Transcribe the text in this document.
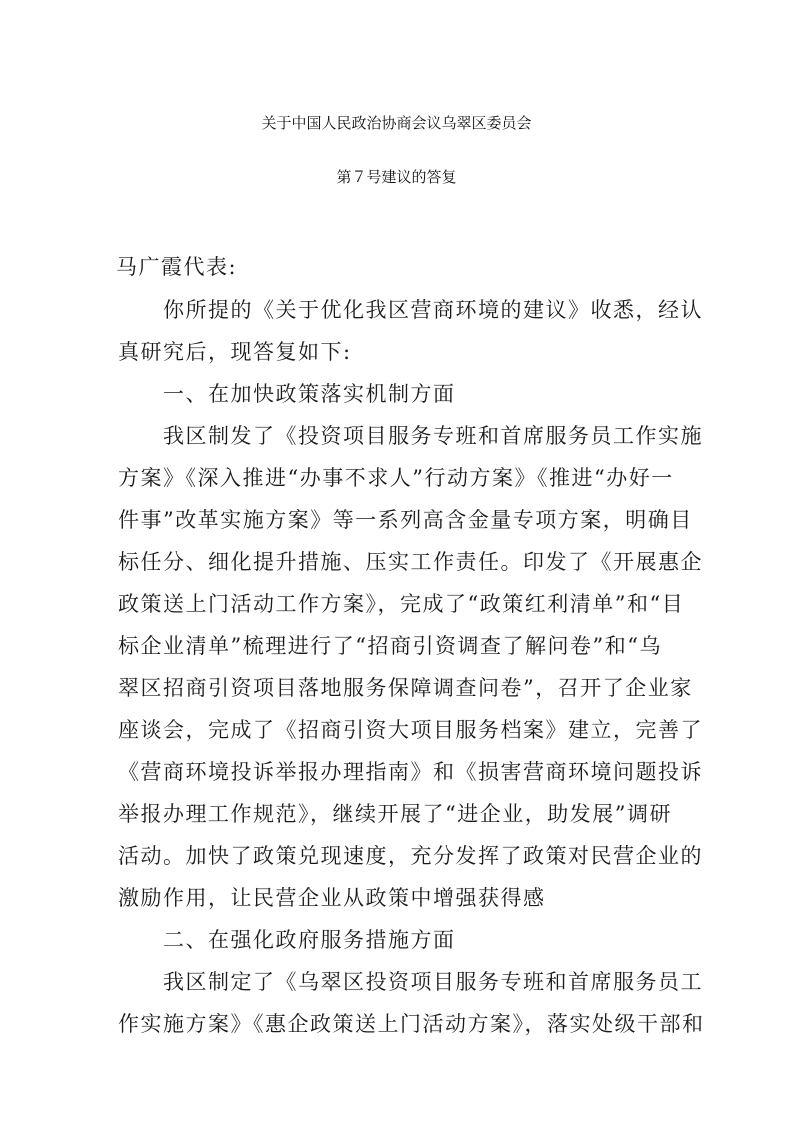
关于中国人民政治协商会议乌翠区委员会
第７号建议的答复
马广霞代表:
你所提的《关于优化我区营商环境的建议》收悉，经认
真研究后，现答复如下:
一、在加快政策落实机制方面
我区制发了《投资项目服务专班和首席服务员工作实施
方案》《深入推进“办事不求人”行动方案》《推进“办好一
件事”改革实施方案》等一系列高含金量专项方案，明确目
标任分、细化提升措施、压实工作责任。印发了《开展惠企
政策送上门活动工作方案》，完成了“政策红利清单”和“目
标企业清单”梳理进行了“招商引资调查了解问卷”和“乌
翠区招商引资项目落地服务保障调查问卷”，召开了企业家
座谈会，完成了《招商引资大项目服务档案》建立，完善了
《营商环境投诉举报办理指南》和《损害营商环境问题投诉
举报办理工作规范》，继续开展了“进企业，助发展”调研
活动。加快了政策兑现速度，充分发挥了政策对民营企业的
激励作用，让民营企业从政策中增强获得感
二、在强化政府服务措施方面
我区制定了《乌翠区投资项目服务专班和首席服务员工
作实施方案》《惠企政策送上门活动方案》，落实处级干部和
